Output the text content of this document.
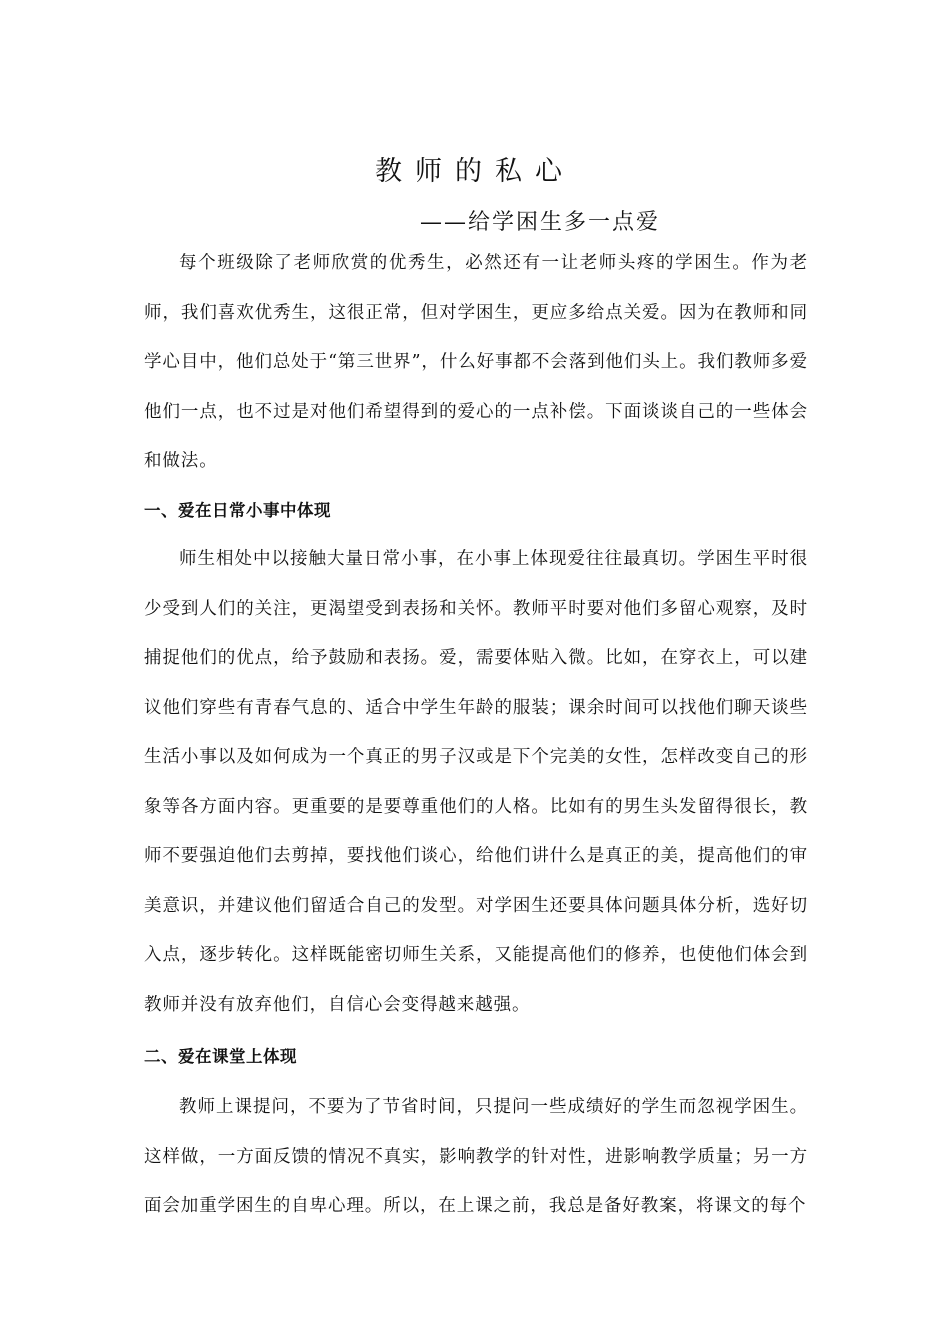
教师的私心
——给学困生多一点爱

每个班级除了老师欣赏的优秀生，必然还有一让老师头疼的学困生。作为老师，我们喜欢优秀生，这很正常，但对学困生，更应多给点关爱。因为在教师和同学心目中，他们总处于“第三世界”，什么好事都不会落到他们头上。我们教师多爱他们一点，也不过是对他们希望得到的爱心的一点补偿。下面谈谈自己的一些体会和做法。

一、爱在日常小事中体现

师生相处中以接触大量日常小事，在小事上体现爱往往最真切。学困生平时很少受到人们的关注，更渴望受到表扬和关怀。教师平时要对他们多留心观察，及时捕捉他们的优点，给予鼓励和表扬。爱，需要体贴入微。比如，在穿衣上，可以建议他们穿些有青春气息的、适合中学生年龄的服装；课余时间可以找他们聊天谈些生活小事以及如何成为一个真正的男子汉或是下个完美的女性，怎样改变自己的形象等各方面内容。更重要的是要尊重他们的人格。比如有的男生头发留得很长，教师不要强迫他们去剪掉，要找他们谈心，给他们讲什么是真正的美，提高他们的审美意识，并建议他们留适合自己的发型。对学困生还要具体问题具体分析，选好切入点，逐步转化。这样既能密切师生关系，又能提高他们的修养，也使他们体会到教师并没有放弃他们，自信心会变得越来越强。

二、爱在课堂上体现

教师上课提问，不要为了节省时间，只提问一些成绩好的学生而忽视学困生。这样做，一方面反馈的情况不真实，影响教学的针对性，进影响教学质量；另一方面会加重学困生的自卑心理。所以，在上课之前，我总是备好教案，将课文的每个
